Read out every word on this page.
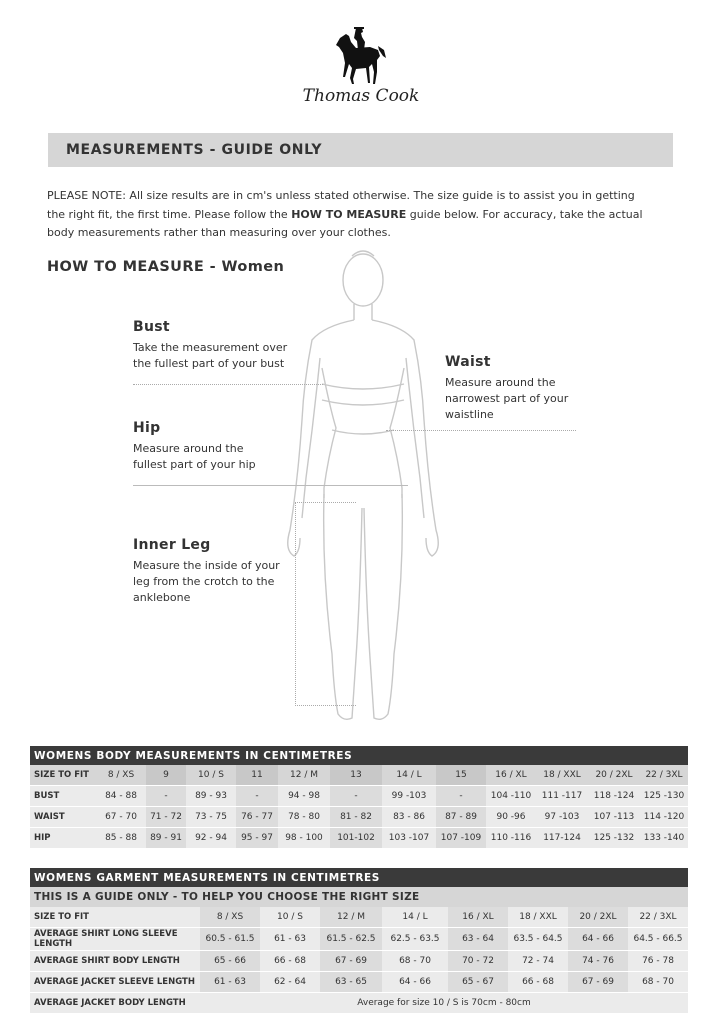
Thomas Cook
MEASUREMENTS - GUIDE ONLY
PLEASE NOTE: All size results are in cm's unless stated otherwise. The size guide is to assist you in getting the right fit, the first time. Please follow the HOW TO MEASURE guide below. For accuracy, take the actual body measurements rather than measuring over your clothes.
HOW TO MEASURE - Women
Bust
Take the measurement over the fullest part of your bust	Waist
Measure around the narrowest part of your waistline
Hip
Measure around the fullest part of your hip
Inner Leg
Measure the inside of your leg from the crotch to the anklebone
WOMENS BODY MEASUREMENTS IN CENTIMETRES												
SIZE TO FIT	8 / XS	9	10 / S	11	12 / M	13	14 / L	15	16 / XL	18 / XXL	20 / 2XL	22 / 3XL
BUST	84 - 88	-	89 - 93	-	94 - 98	-	99 -103	-	104 -110	111 -117	118 -124	125 -130
WAIST	67 - 70	71 - 72	73 - 75	76 - 77	78 - 80	81 - 82	83 - 86	87 - 89	90 -96	97 -103	107 -113	114 -120
HIP	85 - 88	89 - 91	92 - 94	95 - 97	98 - 100	101-102	103 -107	107 -109	110 -116	117-124	125 -132	133 -140
WOMENS GARMENT MEASUREMENTS IN CENTIMETRES								
THIS IS A GUIDE ONLY - TO HELP YOU CHOOSE THE RIGHT SIZE								
SIZE TO FIT	8 / XS	10 / S	12 / M	14 / L	16 / XL	18 / XXL	20 / 2XL	22 / 3XL
AVERAGE SHIRT LONG SLEEVE LENGTH	60.5 - 61.5	61 - 63	61.5 - 62.5	62.5 - 63.5	63 - 64	63.5 - 64.5	64 - 66	64.5 - 66.5
AVERAGE SHIRT BODY LENGTH	65 - 66	66 - 68	67 - 69	68 - 70	70 - 72	72 - 74	74 - 76	76 - 78
AVERAGE JACKET SLEEVE LENGTH	61 - 63	62 - 64	63 - 65	64 - 66	65 - 67	66 - 68	67 - 69	68 - 70
AVERAGE JACKET BODY LENGTH	Average for size 10 / S is 70cm - 80cm							
